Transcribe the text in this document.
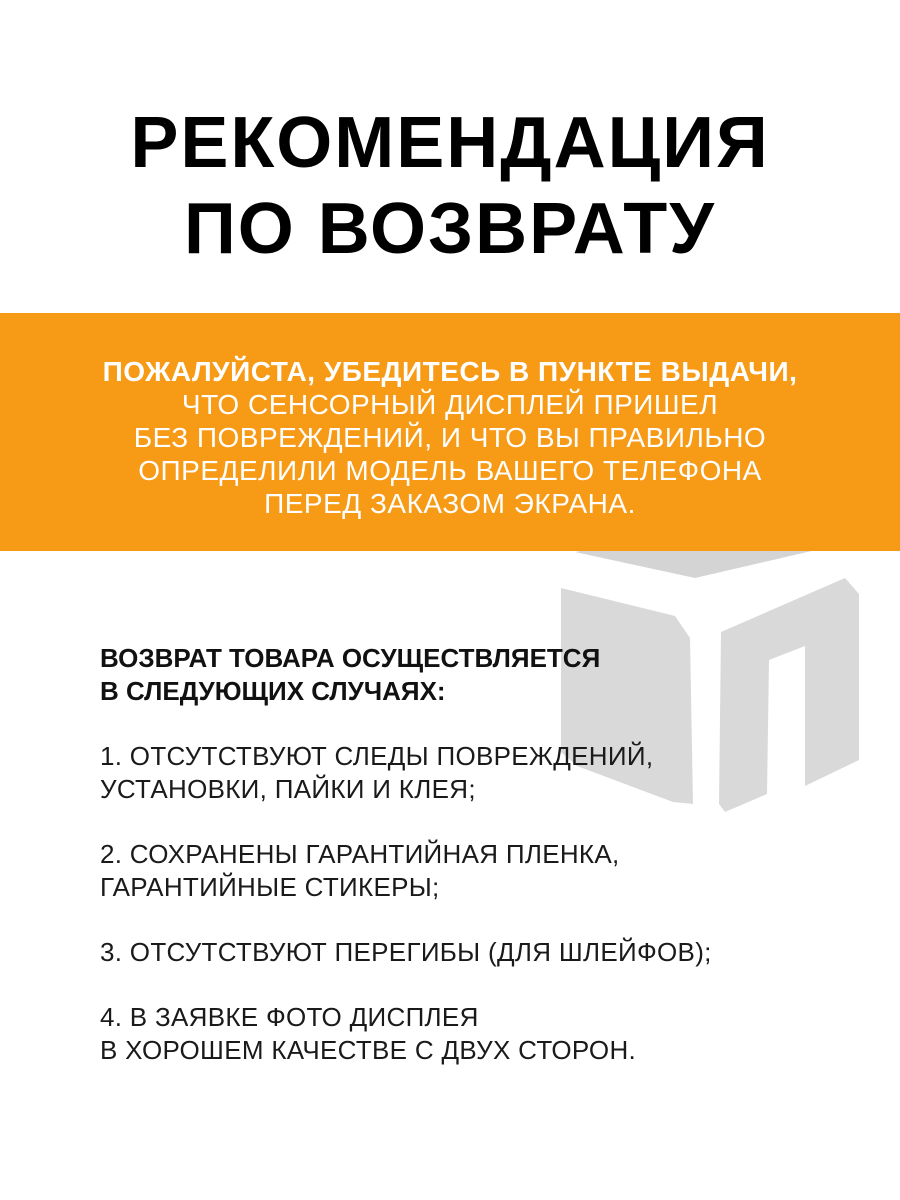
РЕКОМЕНДАЦИЯ
ПО ВОЗВРАТУ
ПОЖАЛУЙСТА, УБЕДИТЕСЬ В ПУНКТЕ ВЫДАЧИ,
ЧТО СЕНСОРНЫЙ ДИСПЛЕЙ ПРИШЕЛ
БЕЗ ПОВРЕЖДЕНИЙ, И ЧТО ВЫ ПРАВИЛЬНО
ОПРЕДЕЛИЛИ МОДЕЛЬ ВАШЕГО ТЕЛЕФОНА
ПЕРЕД ЗАКАЗОМ ЭКРАНА.
ВОЗВРАТ ТОВАРА ОСУЩЕСТВЛЯЕТСЯ
В СЛЕДУЮЩИХ СЛУЧАЯХ:
1. ОТСУТСТВУЮТ СЛЕДЫ ПОВРЕЖДЕНИЙ,
УСТАНОВКИ, ПАЙКИ И КЛЕЯ;
2. СОХРАНЕНЫ ГАРАНТИЙНАЯ ПЛЕНКА,
ГАРАНТИЙНЫЕ СТИКЕРЫ;
3. ОТСУТСТВУЮТ ПЕРЕГИБЫ (ДЛЯ ШЛЕЙФОВ);
4. В ЗАЯВКЕ ФОТО ДИСПЛЕЯ
В ХОРОШЕМ КАЧЕСТВЕ С ДВУХ СТОРОН.
